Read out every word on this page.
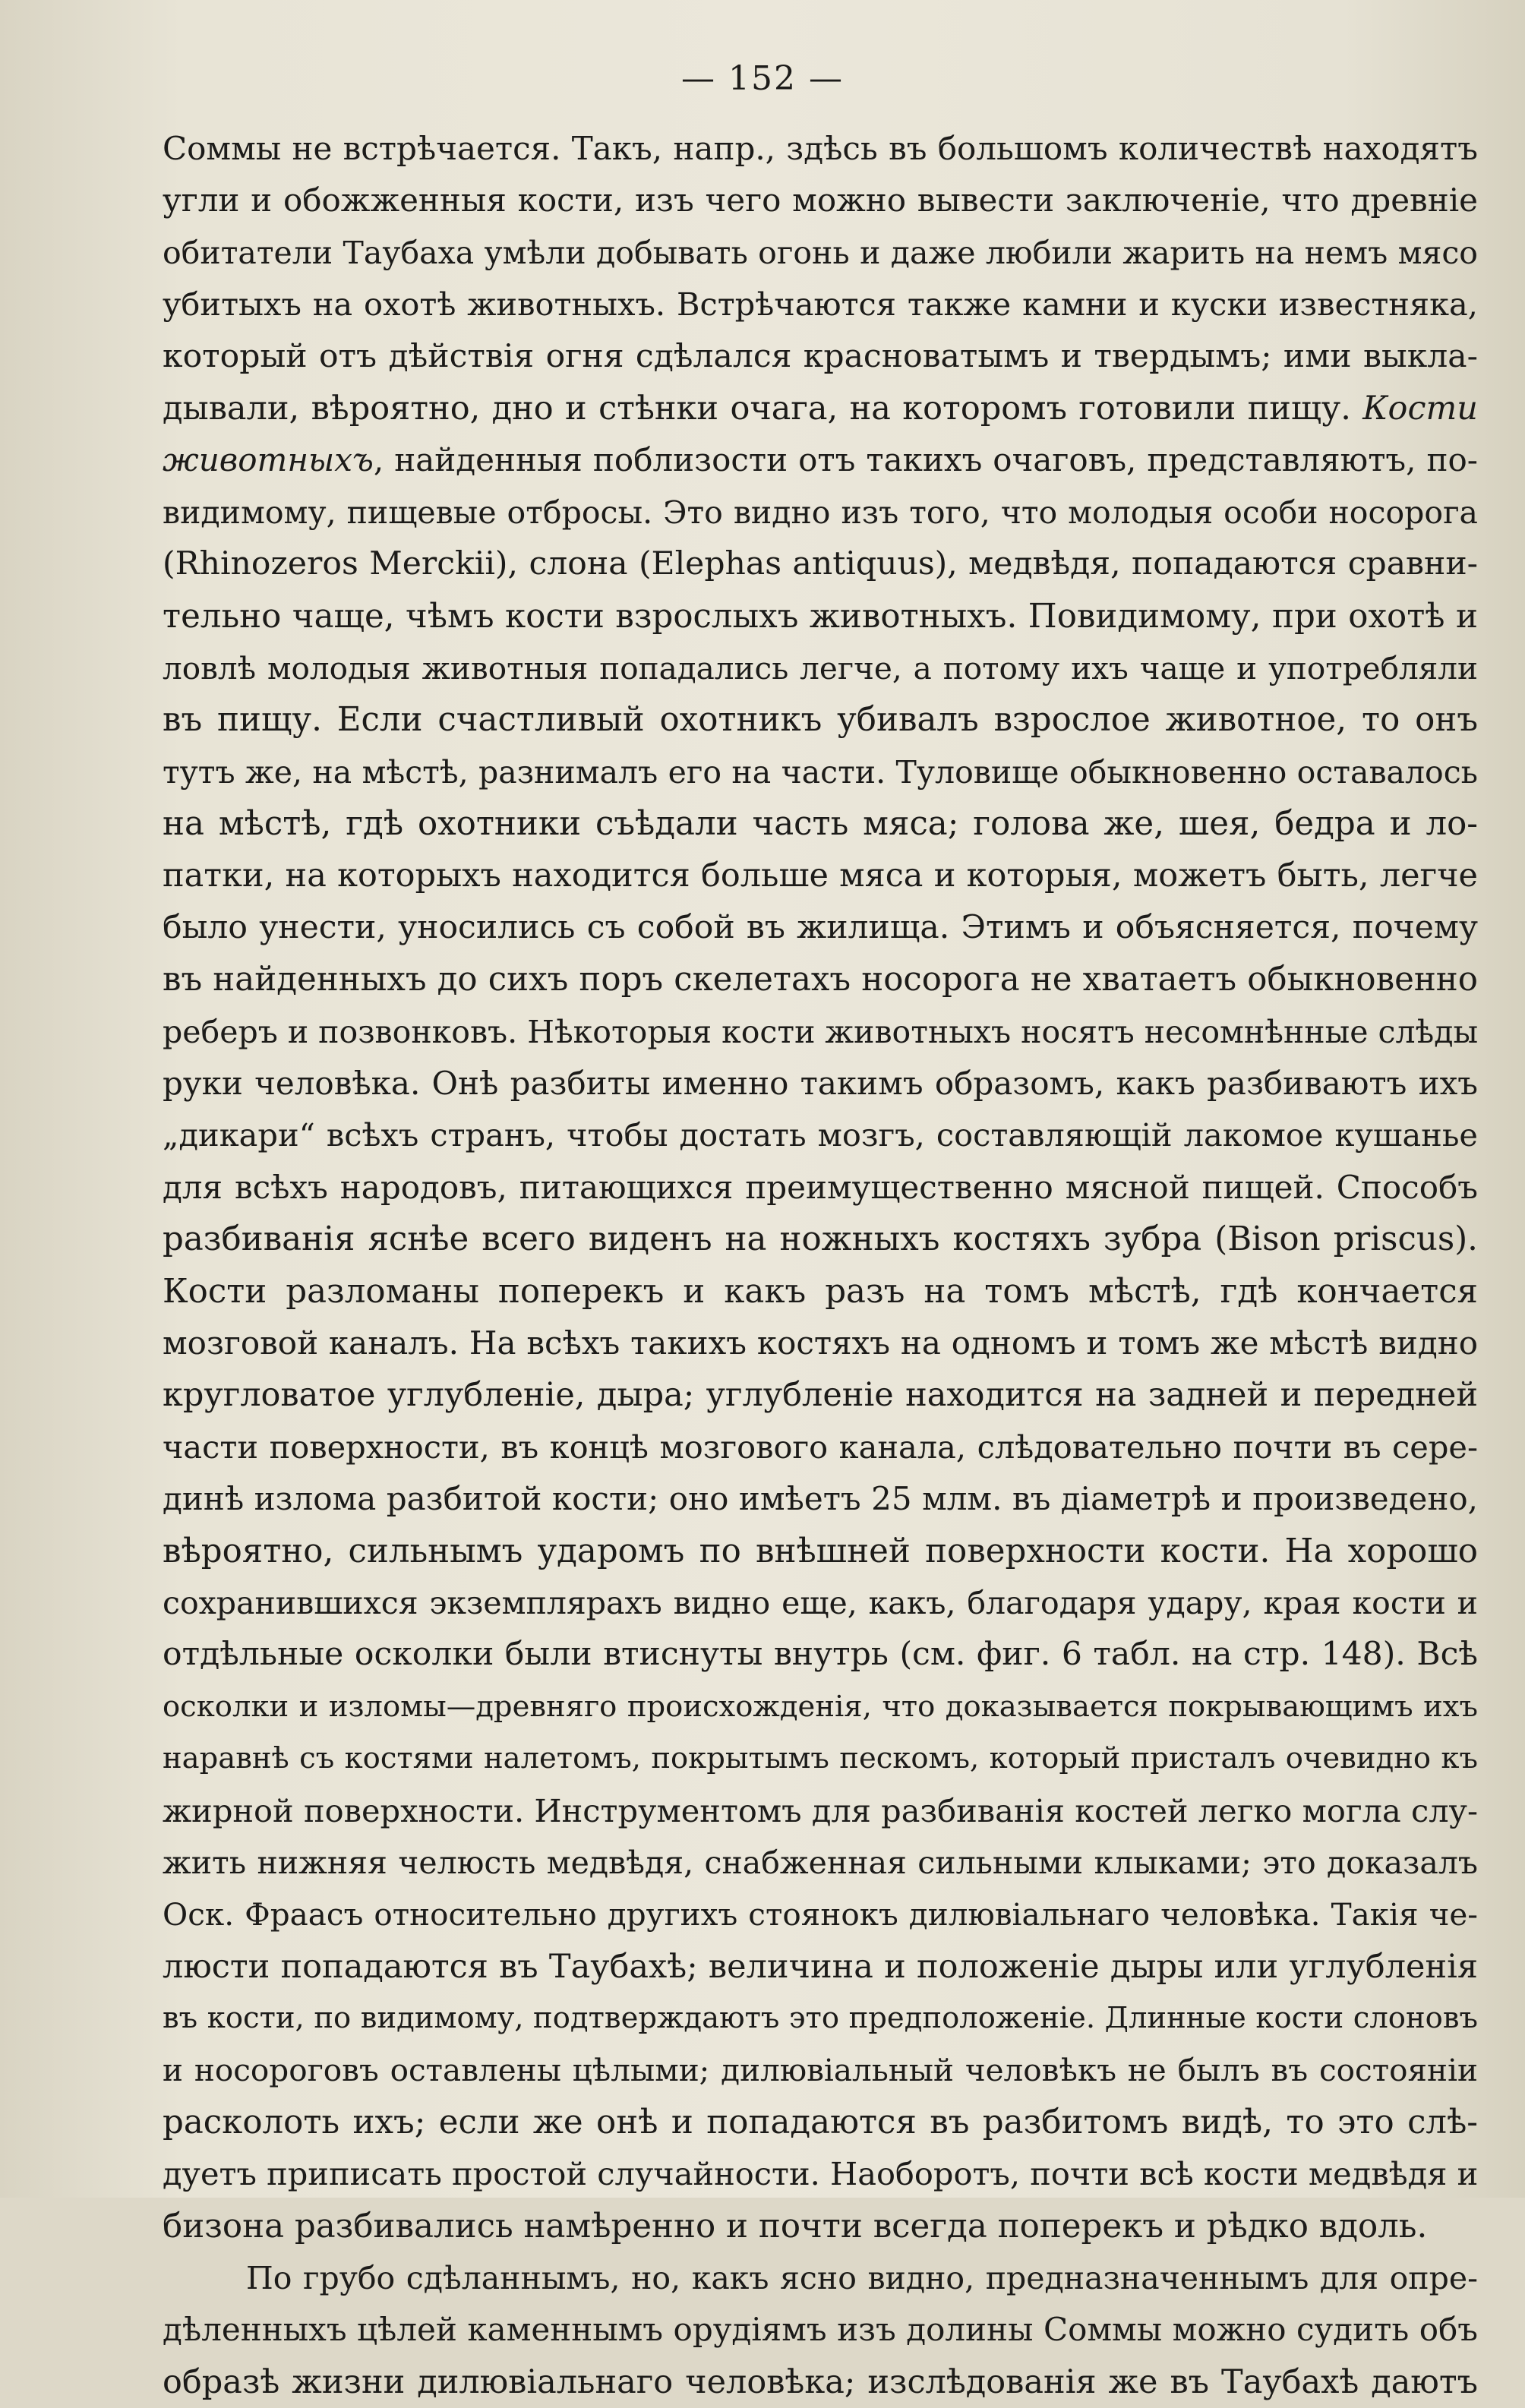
— 152 —
Соммы не встрѣчается. Такъ, напр., здѣсь въ большомъ количествѣ находятъ
угли и обожженныя кости, изъ чего можно вывести заключеніе, что древніе
обитатели Таубаха умѣли добывать огонь и даже любили жарить на немъ мясо
убитыхъ на охотѣ животныхъ. Встрѣчаются также камни и куски известняка,
который отъ дѣйствія огня сдѣлался красноватымъ и твердымъ; ими выкла-
дывали, вѣроятно, дно и стѣнки очага, на которомъ готовили пищу. Кости
животныхъ, найденныя поблизости отъ такихъ очаговъ, представляютъ, по-
видимому, пищевые отбросы. Это видно изъ того, что молодыя особи носорога
(Rhinozeros Merckii), слона (Elephas antiquus), медвѣдя, попадаются сравни-
тельно чаще, чѣмъ кости взрослыхъ животныхъ. Повидимому, при охотѣ и
ловлѣ молодыя животныя попадались легче, а потому ихъ чаще и употребляли
въ пищу. Если счастливый охотникъ убивалъ взрослое животное, то онъ
тутъ же, на мѣстѣ, разнималъ его на части. Туловище обыкновенно оставалось
на мѣстѣ, гдѣ охотники съѣдали часть мяса; голова же, шея, бедра и ло-
патки, на которыхъ находится больше мяса и которыя, можетъ быть, легче
было унести, уносились съ собой въ жилища. Этимъ и объясняется, почему
въ найденныхъ до сихъ поръ скелетахъ носорога не хватаетъ обыкновенно
реберъ и позвонковъ. Нѣкоторыя кости животныхъ носятъ несомнѣнные слѣды
руки человѣка. Онѣ разбиты именно такимъ образомъ, какъ разбиваютъ ихъ
„дикари“ всѣхъ странъ, чтобы достать мозгъ, составляющій лакомое кушанье
для всѣхъ народовъ, питающихся преимущественно мясной пищей. Способъ
разбиванія яснѣе всего виденъ на ножныхъ костяхъ зубра (Bison priscus).
Кости разломаны поперекъ и какъ разъ на томъ мѣстѣ, гдѣ кончается
мозговой каналъ. На всѣхъ такихъ костяхъ на одномъ и томъ же мѣстѣ видно
кругловатое углубленіе, дыра; углубленіе находится на задней и передней
части поверхности, въ концѣ мозгового канала, слѣдовательно почти въ сере-
динѣ излома разбитой кости; оно имѣетъ 25 млм. въ діаметрѣ и произведено,
вѣроятно, сильнымъ ударомъ по внѣшней поверхности кости. На хорошо
сохранившихся экземплярахъ видно еще, какъ, благодаря удару, края кости и
отдѣльные осколки были втиснуты внутрь (см. фиг. 6 табл. на стр. 148). Всѣ
осколки и изломы—древняго происхожденія, что доказывается покрывающимъ ихъ
наравнѣ съ костями налетомъ, покрытымъ пескомъ, который присталъ очевидно къ
жирной поверхности. Инструментомъ для разбиванія костей легко могла слу-
жить нижняя челюсть медвѣдя, снабженная сильными клыками; это доказалъ
Оск. Фраасъ относительно другихъ стоянокъ дилювіальнаго человѣка. Такія че-
люсти попадаются въ Таубахѣ; величина и положеніе дыры или углубленія
въ кости, по видимому, подтверждаютъ это предположеніе. Длинные кости слоновъ
и носороговъ оставлены цѣлыми; дилювіальный человѣкъ не былъ въ состояніи
расколоть ихъ; если же онѣ и попадаются въ разбитомъ видѣ, то это слѣ-
дуетъ приписать простой случайности. Наоборотъ, почти всѣ кости медвѣдя и
бизона разбивались намѣренно и почти всегда поперекъ и рѣдко вдоль.
По грубо сдѣланнымъ, но, какъ ясно видно, предназначеннымъ для опре-
дѣленныхъ цѣлей каменнымъ орудіямъ изъ долины Соммы можно судить объ
образѣ жизни дилювіальнаго человѣка; изслѣдованія же въ Таубахѣ даютъ
